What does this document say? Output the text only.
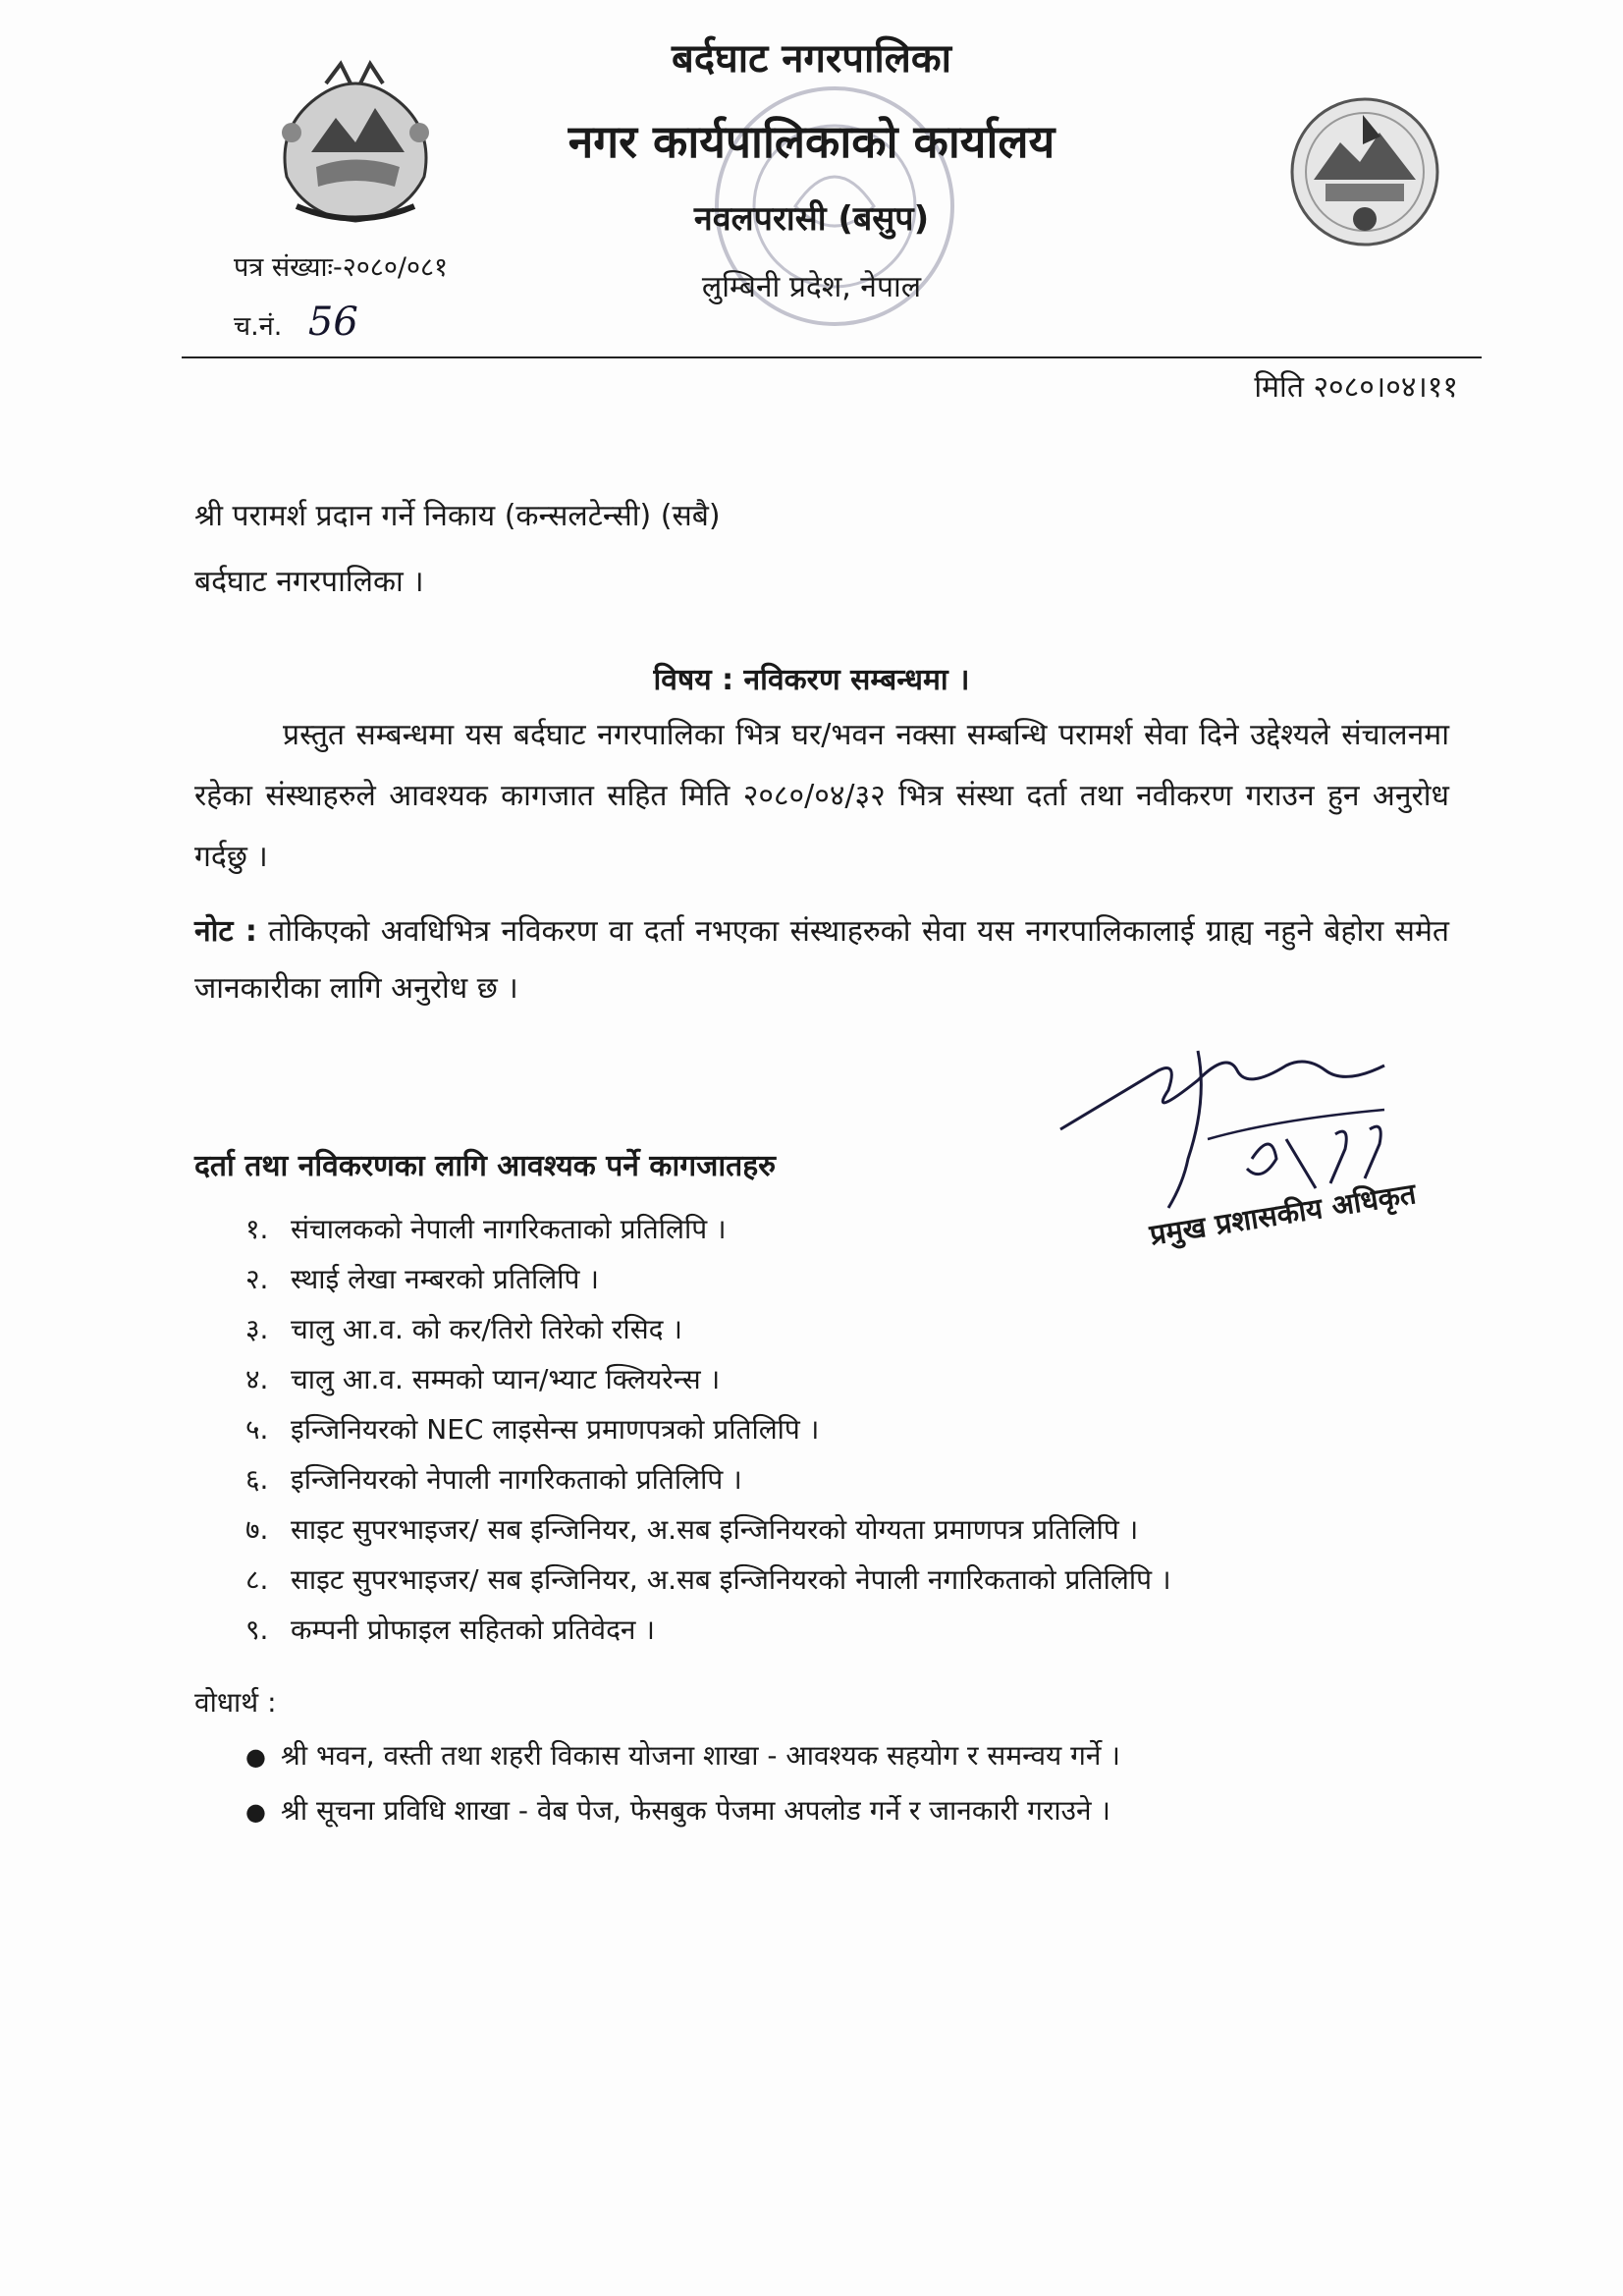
बर्दघाट नगरपालिका
नगर कार्यपालिकाको कार्यालय
नवलपरासी (बसुप)
लुम्बिनी प्रदेश, नेपाल
पत्र संख्याः-२०८०/०८१
च.नं. 56
मिति २०८०।०४।११
श्री परामर्श प्रदान गर्ने निकाय (कन्सलटेन्सी) (सबै)
बर्दघाट नगरपालिका ।
विषय : नविकरण सम्बन्धमा ।
प्रस्तुत सम्बन्धमा यस बर्दघाट नगरपालिका भित्र घर/भवन नक्सा सम्बन्धि परामर्श सेवा दिने उद्देश्यले संचालनमा रहेका संस्थाहरुले आवश्यक कागजात सहित मिति २०८०/०४/३२ भित्र संस्था दर्ता तथा नवीकरण गराउन हुन अनुरोध गर्दछु ।
नोट : तोकिएको अवधिभित्र नविकरण वा दर्ता नभएका संस्थाहरुको सेवा यस नगरपालिकालाई ग्राह्य नहुने बेहोरा समेत जानकारीका लागि अनुरोध छ ।
प्रमुख प्रशासकीय अधिकृत
दर्ता तथा नविकरणका लागि आवश्यक पर्ने कागजातहरु
१. संचालकको नेपाली नागरिकताको प्रतिलिपि ।
२. स्थाई लेखा नम्बरको प्रतिलिपि ।
३. चालु आ.व. को कर/तिरो तिरेको रसिद ।
४. चालु आ.व. सम्मको प्यान/भ्याट क्लियरेन्स ।
५. इन्जिनियरको NEC लाइसेन्स प्रमाणपत्रको प्रतिलिपि ।
६. इन्जिनियरको नेपाली नागरिकताको प्रतिलिपि ।
७. साइट सुपरभाइजर/ सब इन्जिनियर, अ.सब इन्जिनियरको योग्यता प्रमाणपत्र प्रतिलिपि ।
८. साइट सुपरभाइजर/ सब इन्जिनियर, अ.सब इन्जिनियरको नेपाली नगारिकताको प्रतिलिपि ।
९. कम्पनी प्रोफाइल सहितको प्रतिवेदन ।
वोधार्थ :
● श्री भवन, वस्ती तथा शहरी विकास योजना शाखा - आवश्यक सहयोग र समन्वय गर्ने ।
● श्री सूचना प्रविधि शाखा - वेब पेज, फेसबुक पेजमा अपलोड गर्ने र जानकारी गराउने ।
